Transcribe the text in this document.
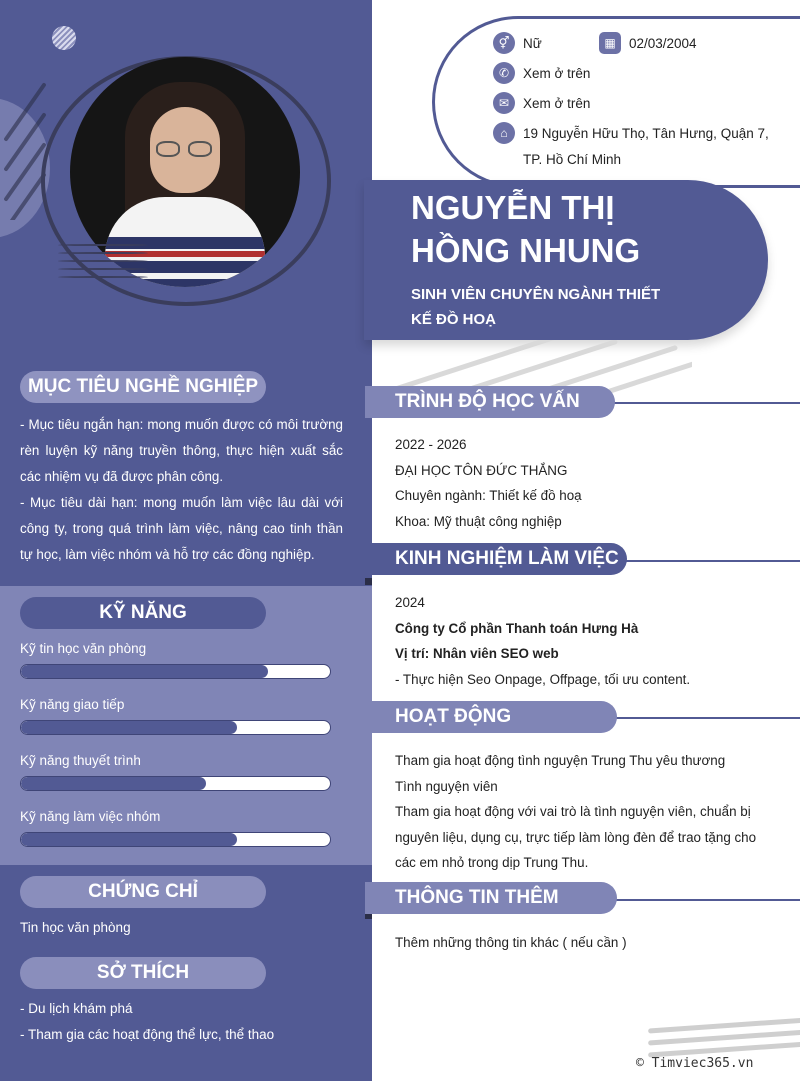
MỤC TIÊU NGHỀ NGHIỆP

- Mục tiêu ngắn hạn: mong muốn được có môi trường rèn luyện kỹ năng truyền thông, thực hiện xuất sắc các nhiệm vụ đã được phân công.

- Mục tiêu dài hạn: mong muốn làm việc lâu dài với công ty, trong quá trình làm việc, nâng cao tinh thần tự học, làm việc nhóm và hỗ trợ các đồng nghiệp.

KỸ NĂNG
Kỹ tin học văn phòng
Kỹ năng giao tiếp
Kỹ năng thuyết trình
Kỹ năng làm việc nhóm
CHỨNG CHỈ
Tin học văn phòng
SỞ THÍCH
- Du lịch khám phá
- Tham gia các hoạt động thể lực, thể thao
⚥	Nữ	▦ 02/03/2004
✆	Xem ở trên
✉	Xem ở trên
⌂	19 Nguyễn Hữu Thọ, Tân Hưng, Quận 7,
TP. Hồ Chí Minh
NGUYỄN THỊ
HỒNG NHUNG
SINH VIÊN CHUYÊN NGÀNH THIẾT
KẾ ĐỒ HOẠ
TRÌNH ĐỘ HỌC VẤN
2022 - 2026
ĐẠI HỌC TÔN ĐỨC THẮNG
Chuyên ngành: Thiết kế đồ hoạ
Khoa: Mỹ thuật công nghiệp
KINH NGHIỆM LÀM VIỆC
2024
Công ty Cổ phần Thanh toán Hưng Hà
Vị trí: Nhân viên SEO web
- Thực hiện Seo Onpage, Offpage, tối ưu content.
HOẠT ĐỘNG
Tham gia hoạt động tình nguyện Trung Thu yêu thương
Tình nguyện viên
Tham gia hoạt động với vai trò là tình nguyện viên, chuẩn bị nguyên liệu, dụng cụ, trực tiếp làm lòng đèn để trao tặng cho các em nhỏ trong dịp Trung Thu.
THÔNG TIN THÊM
Thêm những thông tin khác ( nếu cần )
© Timviec365.vn
